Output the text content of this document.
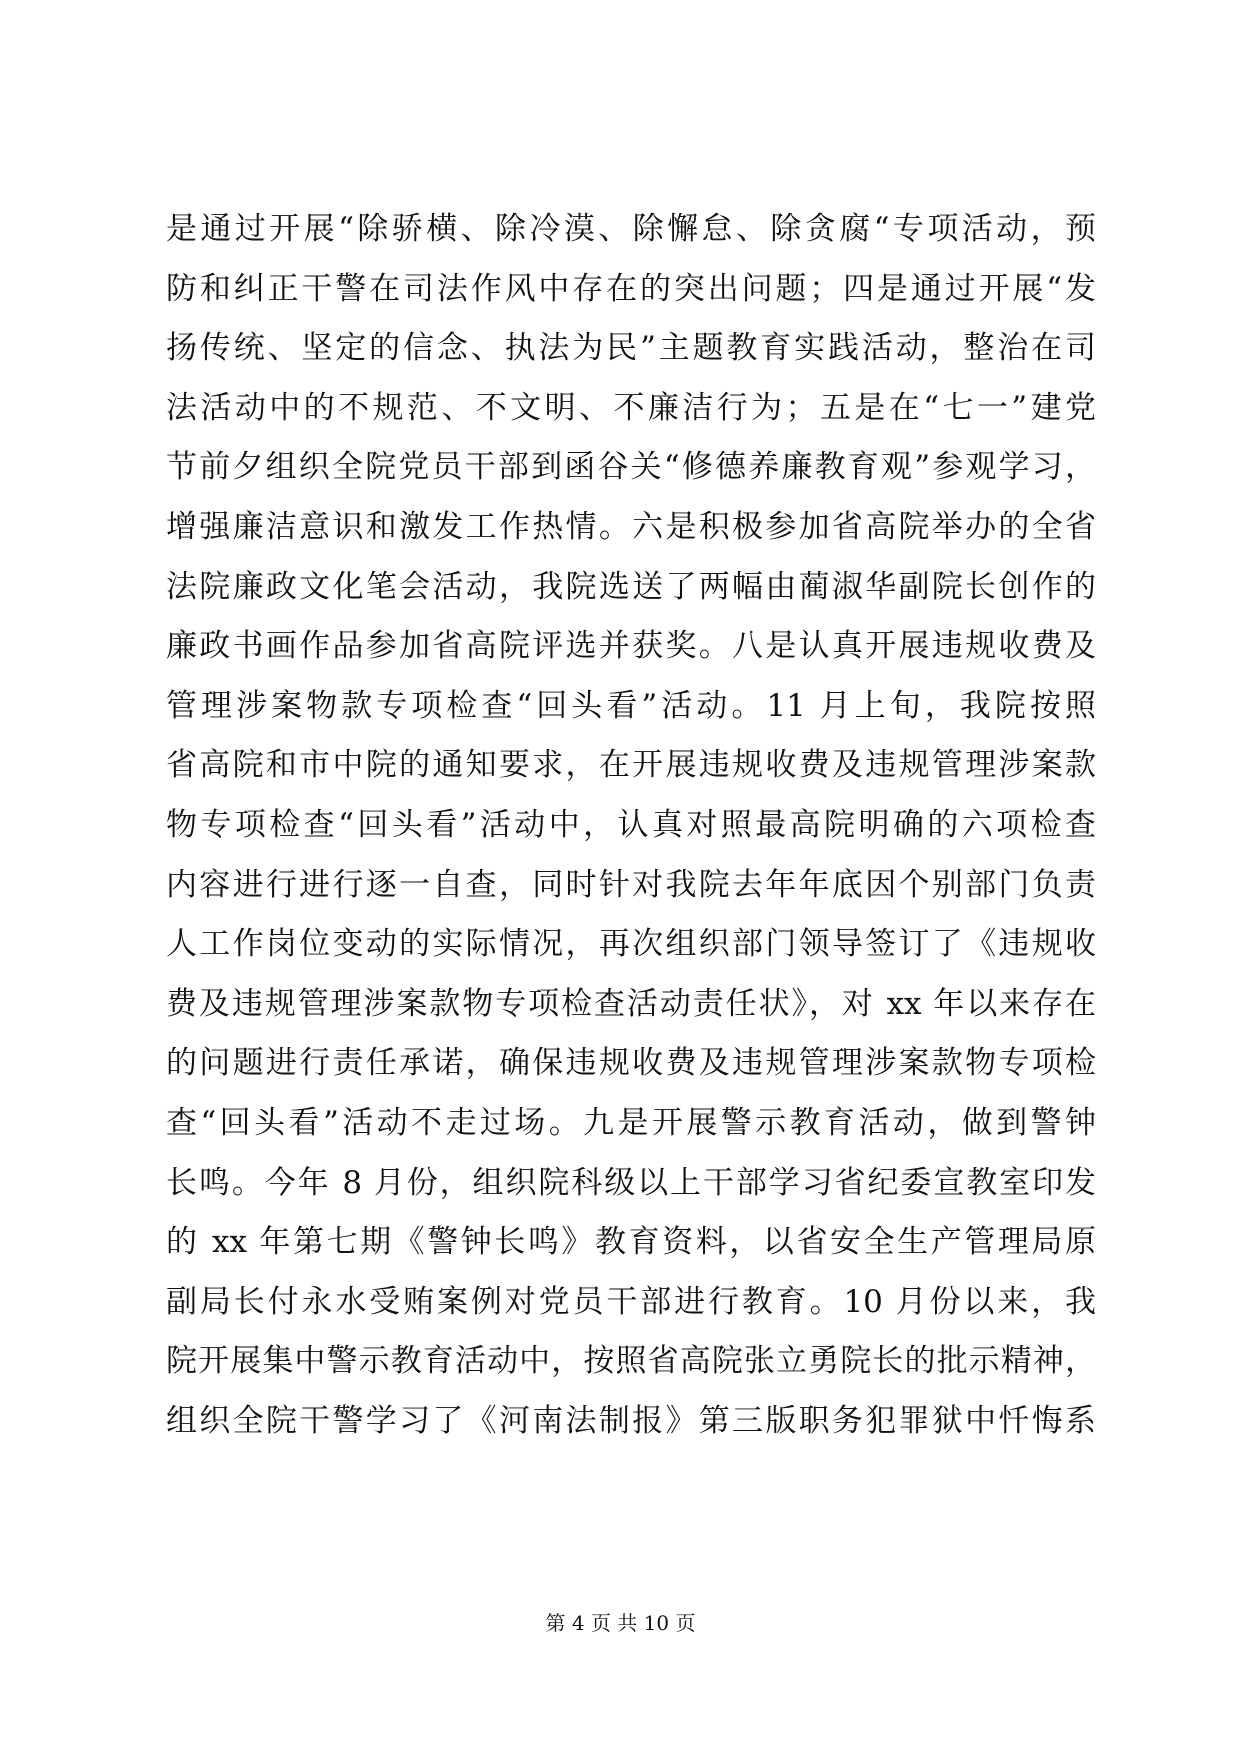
是通过开展“除骄横、除冷漠、除懈怠、除贪腐“专项活动，预
防和纠正干警在司法作风中存在的突出问题；四是通过开展“发
扬传统、坚定的信念、执法为民”主题教育实践活动，整治在司
法活动中的不规范、不文明、不廉洁行为；五是在“七一”建党
节前夕组织全院党员干部到函谷关“修德养廉教育观”参观学习，
增强廉洁意识和激发工作热情。六是积极参加省高院举办的全省
法院廉政文化笔会活动，我院选送了两幅由蔺淑华副院长创作的
廉政书画作品参加省高院评选并获奖。八是认真开展违规收费及
管理涉案物款专项检查“回头看”活动。11 月上旬，我院按照
省高院和市中院的通知要求，在开展违规收费及违规管理涉案款
物专项检查“回头看”活动中，认真对照最高院明确的六项检查
内容进行进行逐一自查，同时针对我院去年年底因个别部门负责
人工作岗位变动的实际情况，再次组织部门领导签订了《违规收
费及违规管理涉案款物专项检查活动责任状》，对 xx 年以来存在
的问题进行责任承诺，确保违规收费及违规管理涉案款物专项检
查“回头看”活动不走过场。九是开展警示教育活动，做到警钟
长鸣。今年 8 月份，组织院科级以上干部学习省纪委宣教室印发
的 xx 年第七期《警钟长鸣》教育资料，以省安全生产管理局原
副局长付永水受贿案例对党员干部进行教育。10 月份以来，我
院开展集中警示教育活动中，按照省高院张立勇院长的批示精神，
组织全院干警学习了《河南法制报》第三版职务犯罪狱中忏悔系
第 4 页 共 10 页
